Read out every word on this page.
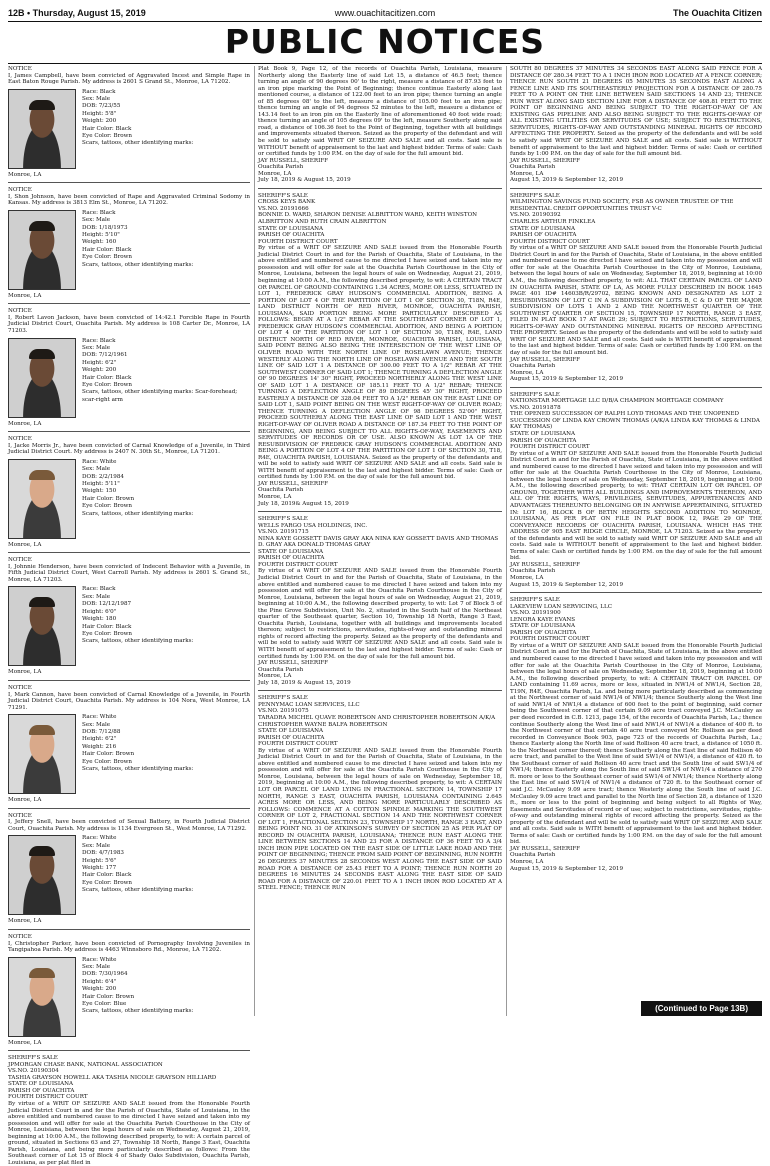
12B • Thursday, August 15, 2019	www.ouachitacitizen.com	The Ouachita Citizen
PUBLIC NOTICES
NOTICE

I, James Campbell, have been convicted of Aggravated Incest and Simple Rape in East Baton Rouge Parish. My address is 2601 S Grand St., Monroe, LA 71202.

Race: Black
Sex: Male
DOB: 7/23/55
Height: 5'8"
Weight: 200
Hair Color: Black
Eye Color: Brown
Scars, tattoos, other identifying marks:
Monroe, LA
NOTICE

I, Shon Johnson, have been convicted of Rape and Aggravated Criminal Sodomy in Kansas. My address is 3813 Elm St., Monroe, LA 71202.

Race: Black
Sex: Male
DOB: 1/18/1973
Height: 5'10"
Weight: 160
Hair Color: Black
Eye Color: Brown
Scars, tattoos, other identifying marks:
Monroe, LA
NOTICE

I, Robert Lavon Jackson, have been convicted of 14:42.1 Forcible Rape in Fourth Judicial District Court, Ouachita Parish. My address is 108 Carter Dr., Monroe, LA 71203.

Race: Black
Sex: Male
DOB: 7/12/1961
Height: 6'2"
Weight: 200
Hair Color: Black
Eye Color: Brown
Scars, tattoos, other identifying marks: Scar-forehead; scar-right arm
Monroe, LA
NOTICE

I, Jacke Morris Jr., have been convicted of Carnal Knowledge of a Juvenile, in Third Judicial District Court. My address is 2407 N. 30th St., Monroe, LA 71201.

Race: White
Sex: Male
DOB: 2/2/1984
Height: 5'11"
Weight: 150
Hair Color: Brown
Eye Color: Brown
Scars, tattoos, other identifying marks:
Monroe, LA
NOTICE

I, Johnnie Henderson, have been convicted of Indecent Behavior with a Juvenile, in Fifth Judicial District Court, West Carroll Parish. My address is 2601 S. Grand St., Monroe, LA 71203.

Race: Black
Sex: Male
DOB: 12/12/1987
Height: 6'0"
Weight: 180
Hair Color: Black
Eye Color: Brown
Scars, tattoos, other identifying marks:
Monroe, LA
NOTICE

I, Mark Cannon, have been convicted of Carnal Knowledge of a Juvenile, in Fourth Judicial District Court, Ouachita Parish. My address is 104 Nora, West Monroe, LA 71291.

Race: White
Sex: Male
DOB: 7/12/88
Height: 6'2"
Weight: 216
Hair Color: Brown
Eye Color: Brown
Scars, tattoos, other identifying marks:
Monroe, LA
NOTICE

I, Jeffery Snell, have been convicted of Sexual Battery, in Fourth Judicial District Court, Ouachita Parish. My address is 1134 Evergreen St., West Monroe, LA 71292.

Race: White
Sex: Male
DOB: 4/7/1983
Height: 5'6"
Weight: 177
Hair Color: Black
Eye Color: Brown
Scars, tattoos, other identifying marks:
Monroe, LA
NOTICE

I, Christopher Parker, have been convicted of Pornography Involving Juveniles in Tangipahoa Parish. My address is 4463 Winnsboro Rd., Monroe, LA 71202.

Race: White
Sex: Male
DOB: 7/30/1964
Height: 6'4"
Weight: 200
Hair Color: Brown
Eye Color: Blue
Scars, tattoos, other identifying marks:
Monroe, LA
SHERIFF'S SALE
JPMORGAN CHASE BANK, NATIONAL ASSOCIATION
VS.NO. 20190304
TASHIA GRAYSON HOWELL AKA TASHIA NICOLE GRAYSON HILLIARD
STATE OF LOUISIANA
PARISH OF OUACHITA
FOURTH DISTRICT COURT

By virtue of a WRIT OF SEIZURE AND SALE issued from the Honorable Fourth Judicial District Court in and for the Parish of Ouachita, State of Louisiana, in the above entitled and numbered cause to me directed I have seized and taken into my possession and will offer for sale at the Ouachita Parish Courthouse in the City of Monroe, Louisiana, between the legal hours of sale on Wednesday, August 21, 2019, beginning at 10:00 A.M., the following described property, to wit: A certain parcel of ground, situated in Sections 63 and 27, Township 18 North, Range 3 East, Ouachita Parish, Louisiana, and being more particularly described as follows: From the Southeast corner of Lot 15 of Block 4 of Shady Oaks Subdivision, Ouachita Parish, Louisiana, as per plat filed in

Plat Book 9, Page 12, of the records of Ouachita Parish, Louisiana, measure Northerly along the Easterly line of said Lot 15, a distance of 46.5 feet; thence turning an angle of 90 degrees 00' to the right, measure a distance of 87.93 feet to an iron pipe marking the Point of Beginning; thence continue Easterly along last mentioned course, a distance of 122.00 feet to an iron pipe; thence turning an angle of 85 degrees 08' to the left, measure a distance of 105.00 feet to an iron pipe; thence turning an angle of 94 degrees 52 minutes to the left, measure a distance of 143.14 feet to an iron pin on the Easterly line of aforementioned 40 foot wide road; thence turning an angle of 105 degrees 09' to the left, measure Southerly along said road, a distance of 106.36 feet to the Point of Beginning, together with all buildings and improvements situated thereon. Seized as the property of the defendant and will be sold to satisfy said WRIT OF SEIZURE AND SALE and all costs. Said sale is WITHOUT benefit of appraisement to the last and highest bidder. Terms of sale: Cash or certified funds by 1:00 P.M. on the day of sale for the full amount bid.

JAY RUSSELL, SHERIFF
Ouachita Parish
Monroe, LA
July 18, 2019 & August 15, 2019
SHERIFF'S SALE
CROSS KEYS BANK
VS.NO. 20191666
BONNIE D. WARD, SHARON DENISE ALBRITTON WARD, KEITH WINSTON ALBRITTON AND RUTH CRAIN ALBRITTON
STATE OF LOUISIANA
PARISH OF OUACHITA
FOURTH DISTRICT COURT

By virtue of a WRIT OF SEIZURE AND SALE issued from the Honorable Fourth Judicial District Court in and for the Parish of Ouachita, State of Louisiana, in the above entitled and numbered cause to me directed I have seized and taken into my possession and will offer for sale at the Ouachita Parish Courthouse in the City of Monroe, Louisiana, between the legal hours of sale on Wednesday, August 21, 2019, beginning at 10:00 A.M., the following described property, to wit: A CERTAIN TRACT OR PARCEL OF GROUND CONTAINING 1.34 ACRES, MORE OR LESS, SITUATED IN LOT 1, FREDERICK GRAY HUDSON'S COMMERCIAL ADDITION, BEING A PORTION OF LOT 4 OF THE PARTITION OF LOT 1 OF SECTION 30, T18N, R4E, LAND DISTRICT NORTH OF RED RIVER, MONROE, OUACHITA PARISH, LOUISIANA, SAID PORTION BEING MORE PARTICULARLY DESCRIBED AS FOLLOWS: BEGIN AT A 1/2" REBAR AT THE SOUTHEAST CORNER OF LOT 1, FREDERICK GRAY HUDSON'S COMMERCIAL ADDITION, AND BEING A PORTION OF LOT 4 OF THE PARTITION OF LOT 1 OF SECTION 30, T18N, R4E, LAND DISTRICT NORTH OF RED RIVER, MONROE, OUACHITA PARISH, LOUISIANA, SAID POINT BEING ALSO BEING THE INTERSECTION OF THE WEST LINE OF OLIVER ROAD WITH THE NORTH LINE OF ROSELAWN AVENUE; THENCE WESTERLY ALONG THE NORTH LINE OF ROSELAWN AVENUE AND THE SOUTH LINE OF SAID LOT 1 A DISTANCE OF 300.00 FEET TO A 1/2" REBAR AT THE SOUTHWEST CORNER OF SAID LOT 1; THENCE TURNING A DEFLECTION ANGLE OF 90 DEGREES 14' 30" RIGHT, PROCEED NORTHERLY ALONG THE WEST LINE OF SAID LOT 1 A DISTANCE OF 185.11 FEET TO A 1/2" REBAR; THENCE TURNING A DEFLECTION ANGLE OF 89 DEGREES 45' 30" RIGHT, PROCEED EASTERLY A DISTANCE OF 328.04 FEET TO A 1/2" REBAR ON THE EAST LINE OF SAID LOT 1, SAID POINT BEING ON THE WEST RIGHT-OF-WAY OF OLIVER ROAD; THENCE TURNING A DEFLECTION ANGLE OF 98 DEGREES 52'00" RIGHT, PROCEED SOUTHERLY ALONG THE EAST LINE OF SAID LOT 1 AND THE WEST RIGHT-OF-WAY OF OLIVER ROAD A DISTANCE OF 187.34 FEET TO THE POINT OF BEGINNING, AND BEING SUBJECT TO ALL RIGHTS-OF-WAY, EASEMENTS AND SERVITUDES OF RECORDS OR OF USE. ALSO KNOWN AS LOT 1A OF THE RESUBDIVISION OF FREDRICK GRAY HUDSON'S COMMERCIAL ADDITION AND BEING A PORTION OF LOT 4 OF THE PARTITION OF LOT 1 OF SECTION 30, T18, R4E, OUACHITA PARISH, LOUISIANA. Seized as the property of the defendants and will be sold to satisfy said WRIT OF SEIZURE AND SALE and all costs. Said sale is WITH benefit of appraisement to the last and highest bidder. Terms of sale: Cash or certified funds by 1:00 P.M. on the day of sale for the full amount bid.

JAY RUSSELL, SHERIFF
Ouachita Parish
Monroe, LA
July 18, 2019& August 15, 2019
SHERIFF'S SALE
WELLS FARGO USA HOLDINGS, INC.
VS.NO. 20191715
NINA KAYE GOSSETT DAVIS GRAY AKA NINA KAY GOSSETT DAVIS AND THOMAS D. GRAY AKA DONALD THOMAS GRAY
STATE OF LOUISIANA
PARISH OF OUACHITA
FOURTH DISTRICT COURT

By virtue of a WRIT OF SEIZURE AND SALE issued from the Honorable Fourth Judicial District Court in and for the Parish of Ouachita, State of Louisiana, in the above entitled and numbered cause to me directed I have seized and taken into my possession and will offer for sale at the Ouachita Parish Courthouse in the City of Monroe, Louisiana, between the legal hours of sale on Wednesday, August 21, 2019, beginning at 10:00 A.M., the following described property, to wit: Lot 7 of Block 5 of the Pine Grove Subdivision, Unit No. 2, situated in the South half of the Northeast quarter of the Southeast quarter, Section 10, Township 18 North, Range 3 East, Ouachita Parish, Louisiana, together with all buildings and improvements located thereon; subject to restrictions, servitudes, rights-of-way and outstanding mineral rights of record affecting the property. Seized as the property of the defendants and will be sold to satisfy said WRIT OF SEIZURE AND SALE and all costs. Said sale is WITH benefit of appraisement to the last and highest bidder. Terms of sale: Cash or certified funds by 1:00 P.M. on the day of sale for the full amount bid.

JAY RUSSELL, SHERIFF
Ouachita Parish
Monroe, LA
July 18, 2019 & August 15, 2019
SHERIFF'S SALE
PENNYMAC LOAN SERVICES, LLC
VS.NO. 20191075
TARADRA MICHEL QUAVE ROBERTSON AND CHRISTOPHER ROBERTSON A/K/A CHRISTOPHER WAYNE BALFA ROBERTSON
STATE OF LOUISIANA
PARISH OF OUACHITA
FOURTH DISTRICT COURT

By virtue of a WRIT OF SEIZURE AND SALE issued from the Honorable Fourth Judicial District Court in and for the Parish of Ouachita, State of Louisiana, in the above entitled and numbered cause to me directed I have seized and taken into my possession and will offer for sale at the Ouachita Parish Courthouse in the City of Monroe, Louisiana, between the legal hours of sale on Wednesday, September 18, 2019, beginning at 10:00 A.M., the following described property, to wit: A CERTAIN LOT OR PARCEL OF LAND LYING IN FRACTIONAL SECTION 14, TOWNSHIP 17 NORTH, RANGE 3 EAST, OUACHITA PARISH, LOUISIANA CONTAINING 2.645 ACRES MORE OR LESS, AND BEING MORE PARTICULARLY DESCRIBED AS FOLLOWS: COMMENCE AT A COTTON SPINDLE MARKING THE SOUTHWEST CORNER OF LOT 2, FRACTIONAL SECTION 14 AND THE NORTHWEST CORNER OF LOT 1, FRACTIONAL SECTION 23, TOWNSHIP 17 NORTH, RANGE 3 EAST, AND BEING POINT NO. 31 OF ATKINSON'S SURVEY OF SECTION 25 AS PER PLAT OF RECORD IN OUACHITA PARISH, LOUISIANA; THENCE RUN EAST ALONG THE LINE BETWEEN SECTIONS 14 AND 23 FOR A DISTANCE OF 36 FEET TO A 3/4 INCH IRON PIPE LOCATED ON THE EAST SIDE OF LITTLE LAKE ROAD AND THE POINT OF BEGINNING; THENCE FROM SAID POINT OF BEGINNING, RUN NORTH 26 DEGREES 37 MINUTES 28 SECONDS WEST ALONG THE EAST SIDE OF SAID ROAD FOR A DISTANCE OF 25.43 FEET TO A POINT; THENCE RUN NORTH 20 DEGREES 16 MINUTES 24 SECONDS EAST ALONG THE EAST SIDE OF SAID ROAD FOR A DISTANCE OF 220.01 FEET TO A 1 INCH IRON ROD LOCATED AT A STEEL FENCE; THENCE RUN

SOUTH 80 DEGREES 37 MINUTES 34 SECONDS EAST ALONG SAID FENCE FOR A DISTANCE OF 280.34 FEET TO A 1 INCH IRON ROD LOCATED AT A FENCE CORNER; THENCE RUN SOUTH 21 DEGREES 05 MINUTES 35 SECONDS EAST ALONG A FENCE LINE AND ITS SOUTHEASTERLY PROJECTION FOR A DISTANCE OF 280.75 FEET TO A POINT ON THE LINE BETWEEN SAID SECTIONS 14 AND 23; THENCE RUN WEST ALONG SAID SECTION LINE FOR A DISTANCE OF 408.81 FEET TO THE POINT OF BEGINNING AND BEING SUBJECT TO THE RIGHT-OF-WAY OF AN EXISTING GAS PIPELINE AND ALSO BEING SUBJECT TO THE RIGHTS-OF-WAY OF ALL EXISTING UTILITIES OR SERVITUDES OF USE; SUBJECT TO RESTRICTIONS, SERVITUDES, RIGHTS-OF-WAY AND OUTSTANDING MINERAL RIGHTS OF RECORD AFFECTING THE PROPERTY. Seized as the property of the defendants and will be sold to satisfy said WRIT OF SEIZURE AND SALE and all costs. Said sale is WITHOUT benefit of appraisement to the last and highest bidder. Terms of sale: Cash or certified funds by 1:00 P.M. on the day of sale for the full amount bid.

JAY RUSSELL, SHERIFF
Ouachita Parish
Monroe, LA
August 15, 2019 & September 12, 2019
SHERIFF'S SALE
WILMINGTON SAVINGS FUND SOCIETY, FSB AS OWNER TRUSTEE OF THE RESIDENTIAL CREDIT OPPORTUNITIES TRUST V-C
VS.NO. 20190392
CHARLES ARTHUR FINKLEA
STATE OF LOUISIANA
PARISH OF OUACHITA
FOURTH DISTRICT COURT

By virtue of a WRIT OF SEIZURE AND SALE issued from the Honorable Fourth Judicial District Court in and for the Parish of Ouachita, State of Louisiana, in the above entitled and numbered cause to me directed I have seized and taken into my possession and will offer for sale at the Ouachita Parish Courthouse in the City of Monroe, Louisiana, between the legal hours of sale on Wednesday, September 18, 2019, beginning at 10:00 A.M., the following described property, to wit: ALL THAT CERTAIN PARCEL OF LAND IN OUACHITA PARISH, STATE OF LA, AS MORE FULLY DESCRIBED IN BOOK 1645 PAGE 401 ID# 14603B/R/29702, BEING KNOWN AND DESIGNATED AS LOT 2 RESUBDIVISION OF LOT C IN A SUBDIVISION OF LOTS B, C & D OF THE MAJOR SUBDIVISION OF LOTS 1 AND 2 AND THE NORTHWEST QUARTER OF THE SOUTHWEST QUARTER OF SECTION 15, TOWNSHIP 17 NORTH, RANGE 3 EAST, FILED IN PLAT BOOK 17 AT PAGE 29; SUBJECT TO RESTRICTIONS, SERVITUDES, RIGHTS-OF-WAY AND OUTSTANDING MINERAL RIGHTS OF RECORD AFFECTING THE PROPERTY. Seized as the property of the defendants and will be sold to satisfy said WRIT OF SEIZURE AND SALE and all costs. Said sale is WITH benefit of appraisement to the last and highest bidder. Terms of sale: Cash or certified funds by 1:00 P.M. on the day of sale for the full amount bid.

JAY RUSSELL, SHERIFF
Ouachita Parish
Monroe, LA
August 15, 2019 & September 12, 2019
SHERIFF'S SALE
NATIONSTAR MORTGAGE LLC D/B/A CHAMPION MORTGAGE COMPANY
VS.NO. 20191878
THE OPENED SUCCESSION OF RALPH LOYD THOMAS AND THE UNOPENED SUCCESSION OF LINDA KAY CROWN THOMAS (A/K/A LINDA KAY THOMAS & LINDA KAY THOMAS)
STATE OF LOUISIANA
PARISH OF OUACHITA
FOURTH DISTRICT COURT

By virtue of a WRIT OF SEIZURE AND SALE issued from the Honorable Fourth Judicial District Court in and for the Parish of Ouachita, State of Louisiana, in the above entitled and numbered cause to me directed I have seized and taken into my possession and will offer for sale at the Ouachita Parish Courthouse in the City of Monroe, Louisiana, between the legal hours of sale on Wednesday, September 18, 2019, beginning at 10:00 A.M., the following described property, to wit: THAT CERTAIN LOT OR PARCEL OF GROUND, TOGETHER WITH ALL BUILDINGS AND IMPROVEMENTS THEREON, AND ALL OF THE RIGHTS, WAYS, PRIVILEGES, SERVITUDES, APPURTENANCES AND ADVANTAGES THEREUNTO BELONGING OR IN ANYWISE APPERTAINING, SITUATED IN: LOT 16, BLOCK B OF BETIN HEIGHTS SECOND ADDITION TO MONROE, LOUISIANA, AS PER PLAT ON FILE IN PLAT BOOK 12, PAGE 29 OF THE CONVEYANCE RECORDS OF OUACHITA PARISH, LOUISIANA. WHICH HAS THE ADDRESS OF 905 EAST RIDGE CIRCLE, MONROE, LA 71203. Seized as the property of the defendants and will be sold to satisfy said WRIT OF SEIZURE AND SALE and all costs. Said sale is WITHOUT benefit of appraisement to the last and highest bidder. Terms of sale: Cash or certified funds by 1:00 P.M. on the day of sale for the full amount bid.

JAY RUSSELL, SHERIFF
Ouachita Parish
Monroe, LA
August 15, 2019 & September 12, 2019
SHERIFF'S SALE
LAKEVIEW LOAN SERVICING, LLC
VS.NO. 20191900
LENORA KAYE EVANS
STATE OF LOUISIANA
PARISH OF OUACHITA
FOURTH DISTRICT COURT

By virtue of a WRIT OF SEIZURE AND SALE issued from the Honorable Fourth Judicial District Court in and for the Parish of Ouachita, State of Louisiana, in the above entitled and numbered cause to me directed I have seized and taken into my possession and will offer for sale at the Ouachita Parish Courthouse in the City of Monroe, Louisiana, between the legal hours of sale on Wednesday, September 18, 2019, beginning at 10:00 A.M., the following described property, to wit: A CERTAIN TRACT OR PARCEL OF LAND containing 11.69 acres, more or less, situated in NW1/4 of NW1/4, Section 28, T19N, R4E, Ouachita Parish, La. and being more particularly described as commencing at the Northwest corner of said NW1/4 of NW1/4; thence Southerly along the West line of said NW1/4 of NW1/4 a distance of 600 feet to the point of beginning, said corner being the Southwest corner of that certain 9.09 acre tract conveyed J.C. McCauley as per deed recorded in C.B. 1213, page 154, of the records of Ouachita Parish, La.; thence continue Southerly along the West line of said NW1/4 of NW1/4 a distance of 400 ft. to the Northwest corner of that certain 40 acre tract conveyed Mr. Rollison as per deed recorded in Conveyance Book 903, page 723 of the records of Ouachita Parish, La.; thence Easterly along the North line of said Rollison 40 acre tract, a distance of 1050 ft. to the Northeast corner thereof; thence Southerly along the East line of said Rollison 40 acre tract, and parallel to the West line of said SW1/4 of NW1/4, a distance of 420 ft. to the Southeast corner of said Rollison 40 acre tract and the South line of said SW1/4 of NW1/4; thence Easterly along the South line of said SW1/4 of NW1/4 a distance of 270 ft. more or less to the Southeast corner of said SW1/4 of NW1/4; thence Northerly along the East line of said SW1/4 of NW1/4 a distance of 720 ft. to the Southeast corner of said J.C. McCauley 9.09 acre tract; thence Westerly along the South line of said J.C. McCauley 9.09 acre tract and parallel to the North line of Section 28, a distance of 1320 ft., more or less to the point of beginning and being subject to all Rights of Way, Easements and Servitudes of record or of use; subject to restrictions, servitudes, rights-of-way and outstanding mineral rights of record affecting the property. Seized as the property of the defendant and will be sold to satisfy said WRIT OF SEIZURE AND SALE and all costs. Said sale is WITH benefit of appraisement to the last and highest bidder. Terms of sale: Cash or certified funds by 1:00 P.M. on the day of sale for the full amount bid.

JAY RUSSELL, SHERIFF
Ouachita Parish
Monroe, LA
August 15, 2019 & September 12, 2019
(Continued to Page 13B)
